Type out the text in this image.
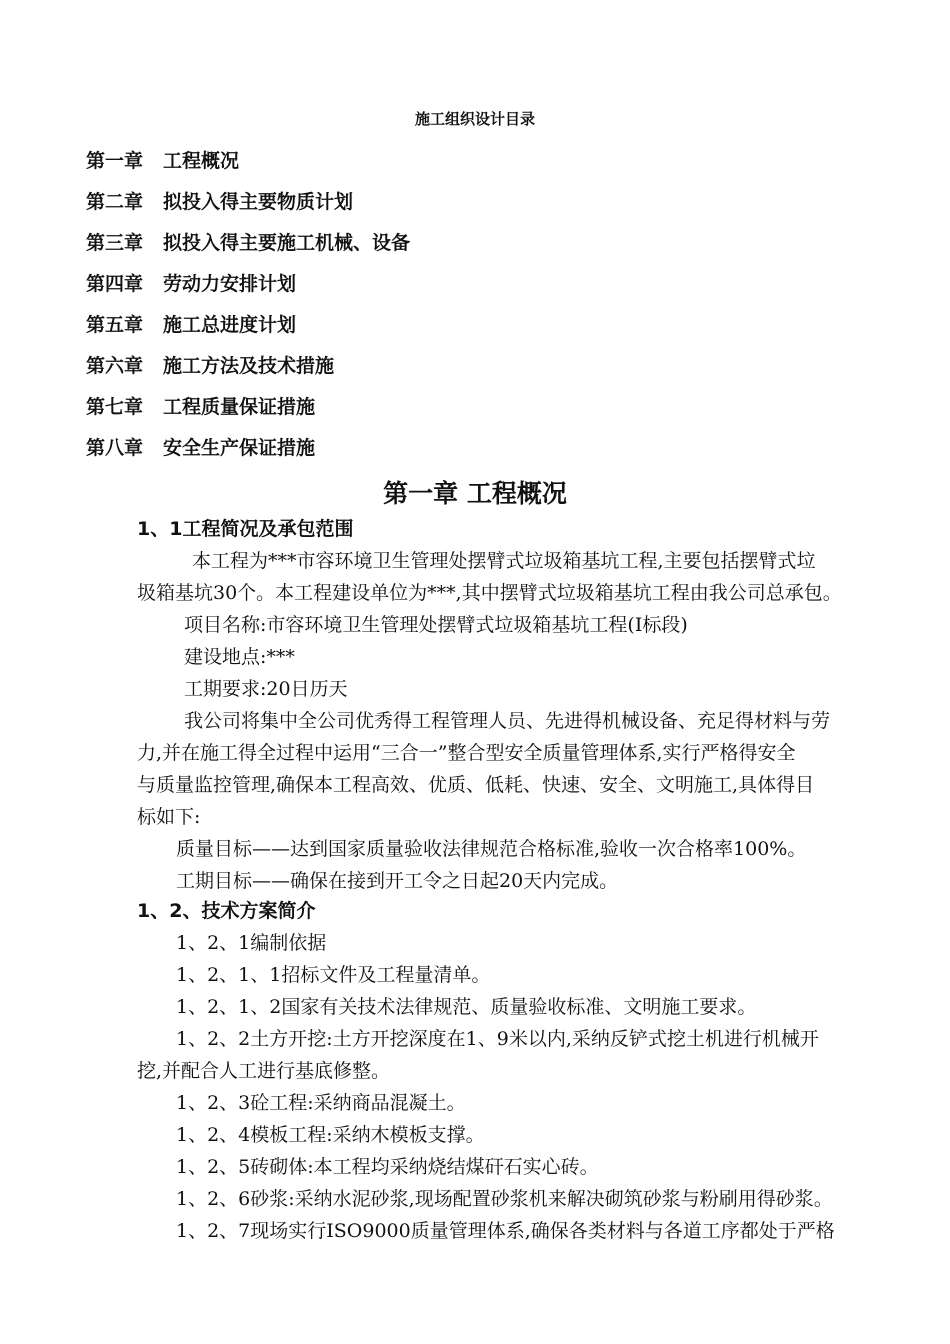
施工组织设计目录
第一章 工程概况
第二章 拟投入得主要物质计划
第三章 拟投入得主要施工机械、设备
第四章 劳动力安排计划
第五章 施工总进度计划
第六章 施工方法及技术措施
第七章 工程质量保证措施
第八章 安全生产保证措施
第一章 工程概况
1、1工程简况及承包范围
本工程为***市容环境卫生管理处摆臂式垃圾箱基坑工程,主要包括摆臂式垃
圾箱基坑30个。本工程建设单位为***,其中摆臂式垃圾箱基坑工程由我公司总承包。
项目名称:市容环境卫生管理处摆臂式垃圾箱基坑工程(I标段)
建设地点:***
工期要求:20日历天
我公司将集中全公司优秀得工程管理人员、先进得机械设备、充足得材料与劳
力,并在施工得全过程中运用“三合一”整合型安全质量管理体系,实行严格得安全
与质量监控管理,确保本工程高效、优质、低耗、快速、安全、文明施工,具体得目
标如下:
质量目标——达到国家质量验收法律规范合格标准,验收一次合格率100%。
工期目标——确保在接到开工令之日起20天内完成。
1、2、技术方案简介
1、2、1编制依据
1、2、1、1招标文件及工程量清单。
1、2、1、2国家有关技术法律规范、质量验收标准、文明施工要求。
1、2、2土方开挖:土方开挖深度在1、9米以内,采纳反铲式挖土机进行机械开
挖,并配合人工进行基底修整。
1、2、3砼工程:采纳商品混凝土。
1、2、4模板工程:采纳木模板支撑。
1、2、5砖砌体:本工程均采纳烧结煤矸石实心砖。
1、2、6砂浆:采纳水泥砂浆,现场配置砂浆机来解决砌筑砂浆与粉刷用得砂浆。
1、2、7现场实行ISO9000质量管理体系,确保各类材料与各道工序都处于严格
